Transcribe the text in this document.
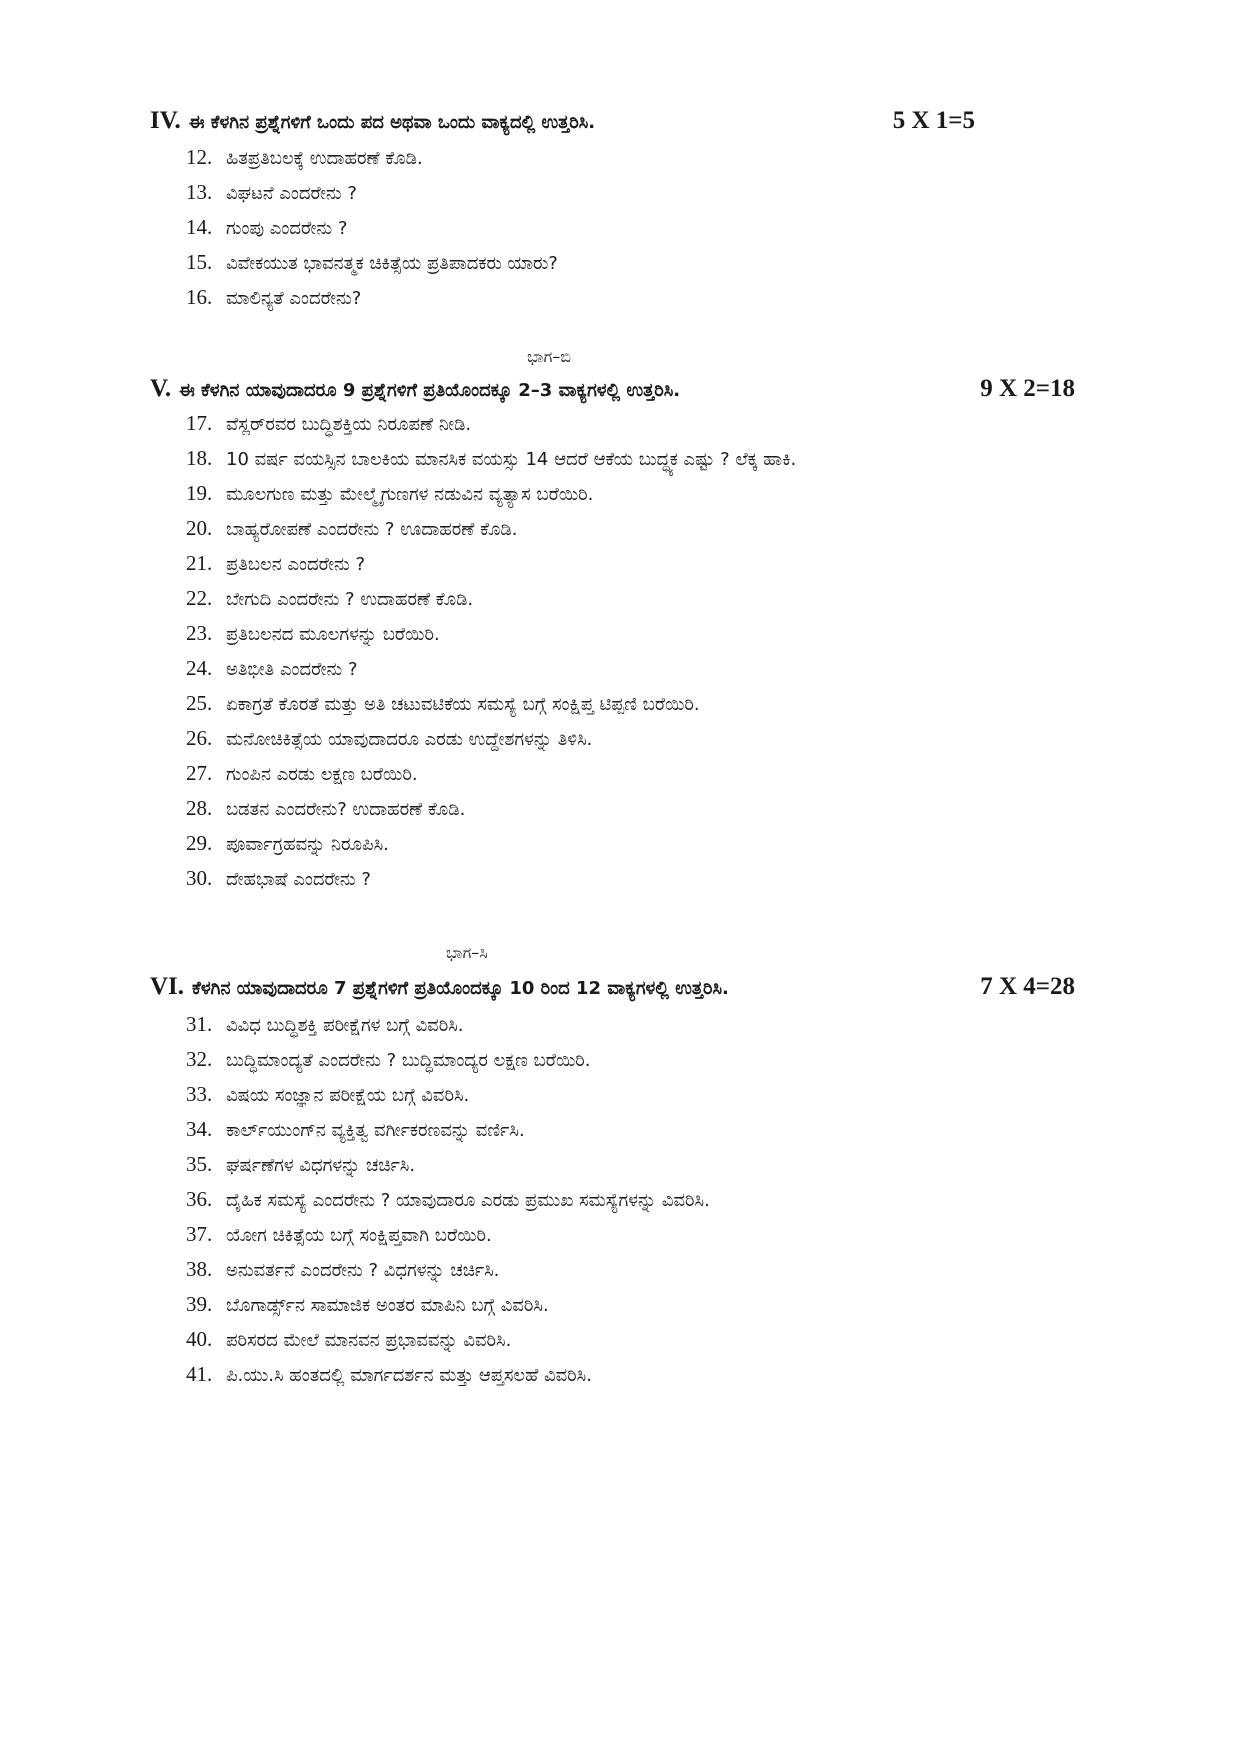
IV. ಈ ಕೆಳಗಿನ ಪ್ರಶ್ನೆಗಳಿಗೆ ಒಂದು ಪದ ಅಥವಾ ಒಂದು ವಾಕ್ಯದಲ್ಲಿ ಉತ್ತರಿಸಿ.	5 X 1=5
12. ಹಿತಪ್ರತಿಬಲಕ್ಕೆ ಉದಾಹರಣೆ ಕೊಡಿ.
13. ವಿಘಟನೆ ಎಂದರೇನು ?
14. ಗುಂಪು ಎಂದರೇನು ?
15. ವಿವೇಕಯುತ ಭಾವನತ್ಮಕ ಚಿಕಿತ್ಸೆಯ ಪ್ರತಿಪಾದಕರು ಯಾರು?
16. ಮಾಲಿನ್ಯತೆ ಎಂದರೇನು?
ಭಾಗ–ಬಿ
V. ಈ ಕೆಳಗಿನ ಯಾವುದಾದರೂ 9 ಪ್ರಶ್ನೆಗಳಿಗೆ ಪ್ರತಿಯೊಂದಕ್ಕೂ 2–3 ವಾಕ್ಯಗಳಲ್ಲಿ ಉತ್ತರಿಸಿ.	9 X 2=18
17. ವೆಸ್ಲರ್‌ರವರ ಬುದ್ಧಿಶಕ್ತಿಯ ನಿರೂಪಣೆ ನೀಡಿ.
18. 10 ವರ್ಷ ವಯಸ್ಸಿನ ಬಾಲಕಿಯ ಮಾನಸಿಕ ವಯಸ್ಸು 14 ಆದರೆ ಆಕೆಯ ಬುದ್ಧ್ಯಕ ಎಷ್ಟು ? ಲೆಕ್ಕ ಹಾಕಿ.
19. ಮೂಲಗುಣ ಮತ್ತು ಮೇಲ್ಮೈಗುಣಗಳ ನಡುವಿನ ವ್ಯತ್ಯಾಸ ಬರೆಯಿರಿ.
20. ಬಾಹ್ಯರೋಪಣೆ ಎಂದರೇನು ? ಊದಾಹರಣೆ ಕೊಡಿ.
21. ಪ್ರತಿಬಲನ ಎಂದರೇನು ?
22. ಬೇಗುದಿ ಎಂದರೇನು ? ಉದಾಹರಣೆ ಕೊಡಿ.
23. ಪ್ರತಿಬಲನದ ಮೂಲಗಳನ್ನು ಬರೆಯಿರಿ.
24. ಅತಿಭೀತಿ ಎಂದರೇನು ?
25. ಏಕಾಗ್ರತೆ ಕೊರತೆ ಮತ್ತು ಅತಿ ಚಟುವಟಿಕೆಯ ಸಮಸ್ಯೆ ಬಗ್ಗೆ ಸಂಕ್ಷಿಪ್ತ ಟಿಪ್ಪಣಿ ಬರೆಯಿರಿ.
26. ಮನೋಚಿಕಿತ್ಸೆಯ ಯಾವುದಾದರೂ ಎರಡು ಉದ್ದೇಶಗಳನ್ನು ತಿಳಿಸಿ.
27. ಗುಂಪಿನ ಎರಡು ಲಕ್ಷಣ ಬರೆಯಿರಿ.
28. ಬಡತನ ಎಂದರೇನು? ಉದಾಹರಣೆ ಕೊಡಿ.
29. ಪೂರ್ವಾಗ್ರಹವನ್ನು ನಿರೂಪಿಸಿ.
30. ದೇಹಭಾಷೆ ಎಂದರೇನು ?
ಭಾಗ–ಸಿ
VI. ಕೆಳಗಿನ ಯಾವುದಾದರೂ 7 ಪ್ರಶ್ನೆಗಳಿಗೆ ಪ್ರತಿಯೊಂದಕ್ಕೂ 10 ರಿಂದ 12 ವಾಕ್ಯಗಳಲ್ಲಿ ಉತ್ತರಿಸಿ.	7 X 4=28
31. ವಿವಿಧ ಬುದ್ಧಿಶಕ್ತಿ ಪರೀಕ್ಷೆಗಳ ಬಗ್ಗೆ ವಿವರಿಸಿ.
32. ಬುದ್ಧಿಮಾಂದ್ಯತೆ ಎಂದರೇನು ? ಬುದ್ಧಿಮಾಂದ್ಯರ ಲಕ್ಷಣ ಬರೆಯಿರಿ.
33. ವಿಷಯ ಸಂಜ್ಞಾನ ಪರೀಕ್ಷೆಯ ಬಗ್ಗೆ ವಿವರಿಸಿ.
34. ಕಾರ್ಲ್‌ಯುಂಗ್‌ನ ವ್ಯಕ್ತಿತ್ವ ವರ್ಗೀಕರಣವನ್ನು ವರ್ಣಿಸಿ.
35. ಘರ್ಷಣೆಗಳ ವಿಧಗಳನ್ನು ಚರ್ಚಿಸಿ.
36. ದೈಹಿಕ ಸಮಸ್ಯೆ ಎಂದರೇನು ? ಯಾವುದಾರೂ ಎರಡು ಪ್ರಮುಖ ಸಮಸ್ಯೆಗಳನ್ನು ವಿವರಿಸಿ.
37. ಯೋಗ ಚಿಕಿತ್ಸೆಯ ಬಗ್ಗೆ ಸಂಕ್ಷಿಪ್ತವಾಗಿ ಬರೆಯಿರಿ.
38. ಅನುವರ್ತನೆ ಎಂದರೇನು ? ವಿಧಗಳನ್ನು ಚರ್ಚಿಸಿ.
39. ಬೊಗಾರ್ಡ್ಸ್‌ನ ಸಾಮಾಜಿಕ ಅಂತರ ಮಾಪಿನಿ ಬಗ್ಗೆ ವಿವರಿಸಿ.
40. ಪರಿಸರದ ಮೇಲೆ ಮಾನವನ ಪ್ರಭಾವವನ್ನು ವಿವರಿಸಿ.
41. ಪಿ.ಯು.ಸಿ ಹಂತದಲ್ಲಿ ಮಾರ್ಗದರ್ಶನ ಮತ್ತು ಆಪ್ತಸಲಹೆ ವಿವರಿಸಿ.
